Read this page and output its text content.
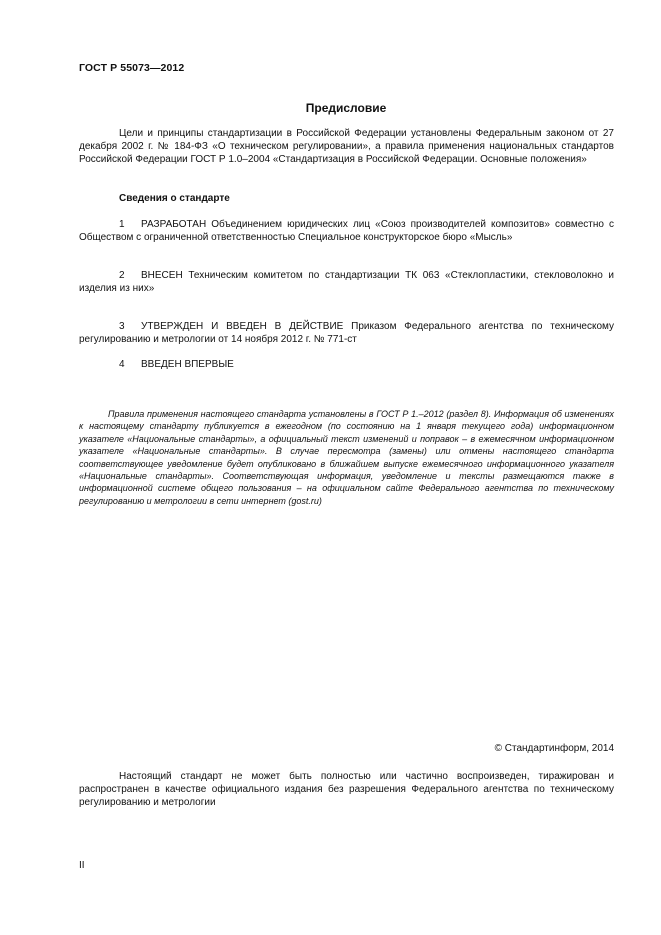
ГОСТ Р 55073—2012
Предисловие

Цели и принципы стандартизации в Российской Федерации установлены Федеральным законом от 27 декабря 2002 г. № 184-ФЗ «О техническом регулировании», а правила применения национальных стандартов Российской Федерации ГОСТ Р 1.0–2004 «Стандартизация в Российской Федерации. Основные положения»

Сведения о стандарте

1 РАЗРАБОТАН Объединением юридических лиц «Союз производителей композитов» совместно с Обществом с ограниченной ответственностью Специальное конструкторское бюро «Мысль»

2 ВНЕСЕН Техническим комитетом по стандартизации ТК 063 «Стеклопластики, стекловолокно и изделия из них»

3 УТВЕРЖДЕН И ВВЕДЕН В ДЕЙСТВИЕ Приказом Федерального агентства по техническому регулированию и метрологии от 14 ноября 2012 г. № 771-ст

4 ВВЕДЕН ВПЕРВЫЕ

Правила применения настоящего стандарта установлены в ГОСТ Р 1.–2012 (раздел 8). Информация об изменениях к настоящему стандарту публикуется в ежегодном (по состоянию на 1 января текущего года) информационном указателе «Национальные стандарты», а официальный текст изменений и поправок – в ежемесячном информационном указателе «Национальные стандарты». В случае пересмотра (замены) или отмены настоящего стандарта соответствующее уведомление будет опубликовано в ближайшем выпуске ежемесячного информационного указателя «Национальные стандарты». Соответствующая информация, уведомление и тексты размещаются также в информационной системе общего пользования – на официальном сайте Федерального агентства по техническому регулированию и метрологии в сети интернет (gost.ru)

© Стандартинформ, 2014

Настоящий стандарт не может быть полностью или частично воспроизведен, тиражирован и распространен в качестве официального издания без разрешения Федерального агентства по техническому регулированию и метрологии

II
